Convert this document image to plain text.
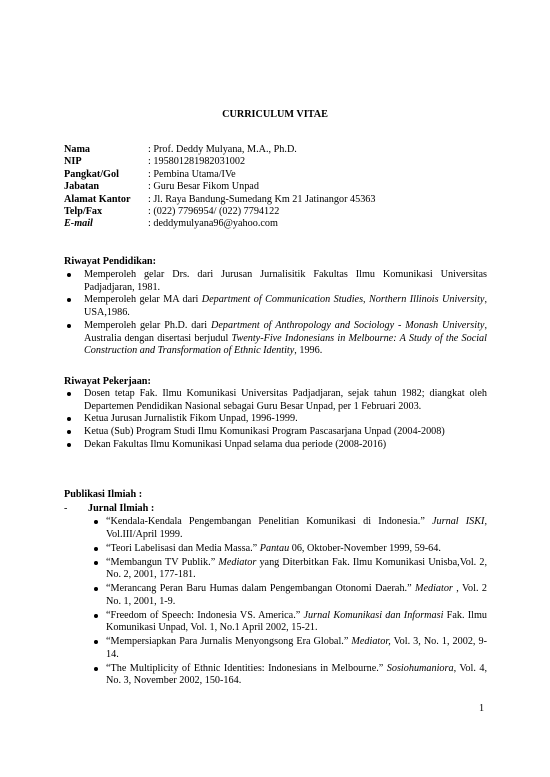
CURRICULUM VITAE
Nama	: Prof. Deddy Mulyana, M.A., Ph.D.
NIP	: 195801281982031002
Pangkat/Gol	: Pembina Utama/IVe
Jabatan	: Guru Besar Fikom Unpad
Alamat Kantor	: Jl. Raya Bandung-Sumedang Km 21 Jatinangor 45363
Telp/Fax	: (022) 7796954/ (022) 7794122
E-mail	: deddymulyana96@yahoo.com
Riwayat Pendidikan:
Memperoleh gelar Drs. dari Jurusan Jurnalisitik Fakultas Ilmu Komunikasi Universitas Padjadjaran, 1981.
Memperoleh gelar MA dari Department of Communication Studies, Northern Illinois University, USA,1986.
Memperoleh gelar Ph.D. dari Department of Anthropology and Sociology - Monash University, Australia dengan disertasi berjudul Twenty-Five Indonesians in Melbourne: A Study of the Social Construction and Transformation of Ethnic Identity, 1996.
Riwayat Pekerjaan:
Dosen tetap Fak. Ilmu Komunikasi Universitas Padjadjaran, sejak tahun 1982; diangkat oleh Departemen Pendidikan Nasional sebagai Guru Besar Unpad, per 1 Februari 2003.
Ketua Jurusan Jurnalistik Fikom Unpad, 1996-1999.
Ketua (Sub) Program Studi Ilmu Komunikasi Program Pascasarjana Unpad (2004-2008)
Dekan Fakultas Ilmu Komunikasi Unpad selama dua periode (2008-2016)
Publikasi Ilmiah :
- Jurnal Ilmiah :
“Kendala-Kendala Pengembangan Penelitian Komunikasi di Indonesia.” Jurnal ISKI, Vol.III/April 1999.
“Teori Labelisasi dan Media Massa.” Pantau 06, Oktober-November 1999, 59-64.
“Membangun TV Publik.” Mediator yang Diterbitkan Fak. Ilmu Komunikasi Unisba,Vol. 2, No. 2, 2001, 177-181.
“Merancang Peran Baru Humas dalam Pengembangan Otonomi Daerah.” Mediator , Vol. 2 No. 1, 2001, 1-9.
“Freedom of Speech: Indonesia VS. America.” Jurnal Komunikasi dan Informasi Fak. Ilmu Komunikasi Unpad, Vol. 1, No.1 April 2002, 15-21.
“Mempersiapkan Para Jurnalis Menyongsong Era Global.” Mediator, Vol. 3, No. 1, 2002, 9-14.
“The Multiplicity of Ethnic Identities: Indonesians in Melbourne.” Sosiohumaniora, Vol. 4, No. 3, November 2002, 150-164.
1
